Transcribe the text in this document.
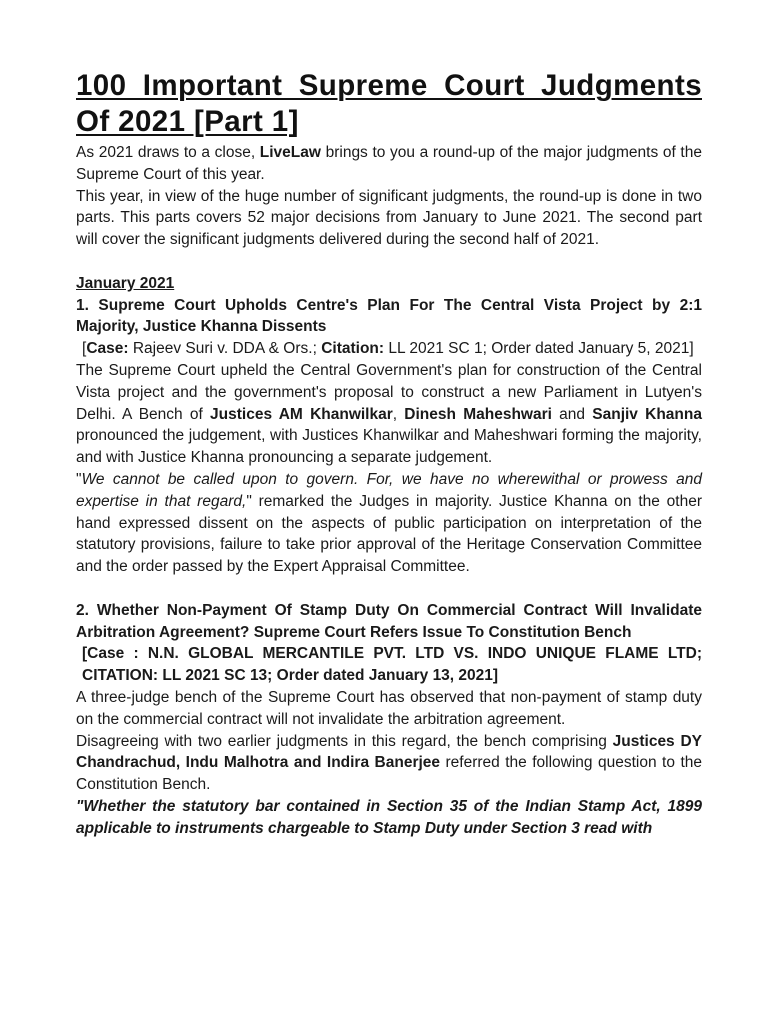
100 Important Supreme Court Judgments Of 2021 [Part 1]

As 2021 draws to a close, LiveLaw brings to you a round-up of the major judgments of the Supreme Court of this year.

This year, in view of the huge number of significant judgments, the round-up is done in two parts. This parts covers 52 major decisions from January to June 2021. The second part will cover the significant judgments delivered during the second half of 2021.

January 2021

1. Supreme Court Upholds Centre's Plan For The Central Vista Project by 2:1 Majority, Justice Khanna Dissents

[Case: Rajeev Suri v. DDA & Ors.; Citation: LL 2021 SC 1; Order dated January 5, 2021]

The Supreme Court upheld the Central Government's plan for construction of the Central Vista project and the government's proposal to construct a new Parliament in Lutyen's Delhi. A Bench of Justices AM Khanwilkar, Dinesh Maheshwari and Sanjiv Khanna pronounced the judgement, with Justices Khanwilkar and Maheshwari forming the majority, and with Justice Khanna pronouncing a separate judgement.

"We cannot be called upon to govern. For, we have no wherewithal or prowess and expertise in that regard," remarked the Judges in majority. Justice Khanna on the other hand expressed dissent on the aspects of public participation on interpretation of the statutory provisions, failure to take prior approval of the Heritage Conservation Committee and the order passed by the Expert Appraisal Committee.

2. Whether Non-Payment Of Stamp Duty On Commercial Contract Will Invalidate Arbitration Agreement? Supreme Court Refers Issue To Constitution Bench

[Case : N.N. GLOBAL MERCANTILE PVT. LTD VS. INDO UNIQUE FLAME LTD; CITATION: LL 2021 SC 13; Order dated January 13, 2021]

A three-judge bench of the Supreme Court has observed that non-payment of stamp duty on the commercial contract will not invalidate the arbitration agreement.

Disagreeing with two earlier judgments in this regard, the bench comprising Justices DY Chandrachud, Indu Malhotra and Indira Banerjee referred the following question to the Constitution Bench.

"Whether the statutory bar contained in Section 35 of the Indian Stamp Act, 1899 applicable to instruments chargeable to Stamp Duty under Section 3 read with
